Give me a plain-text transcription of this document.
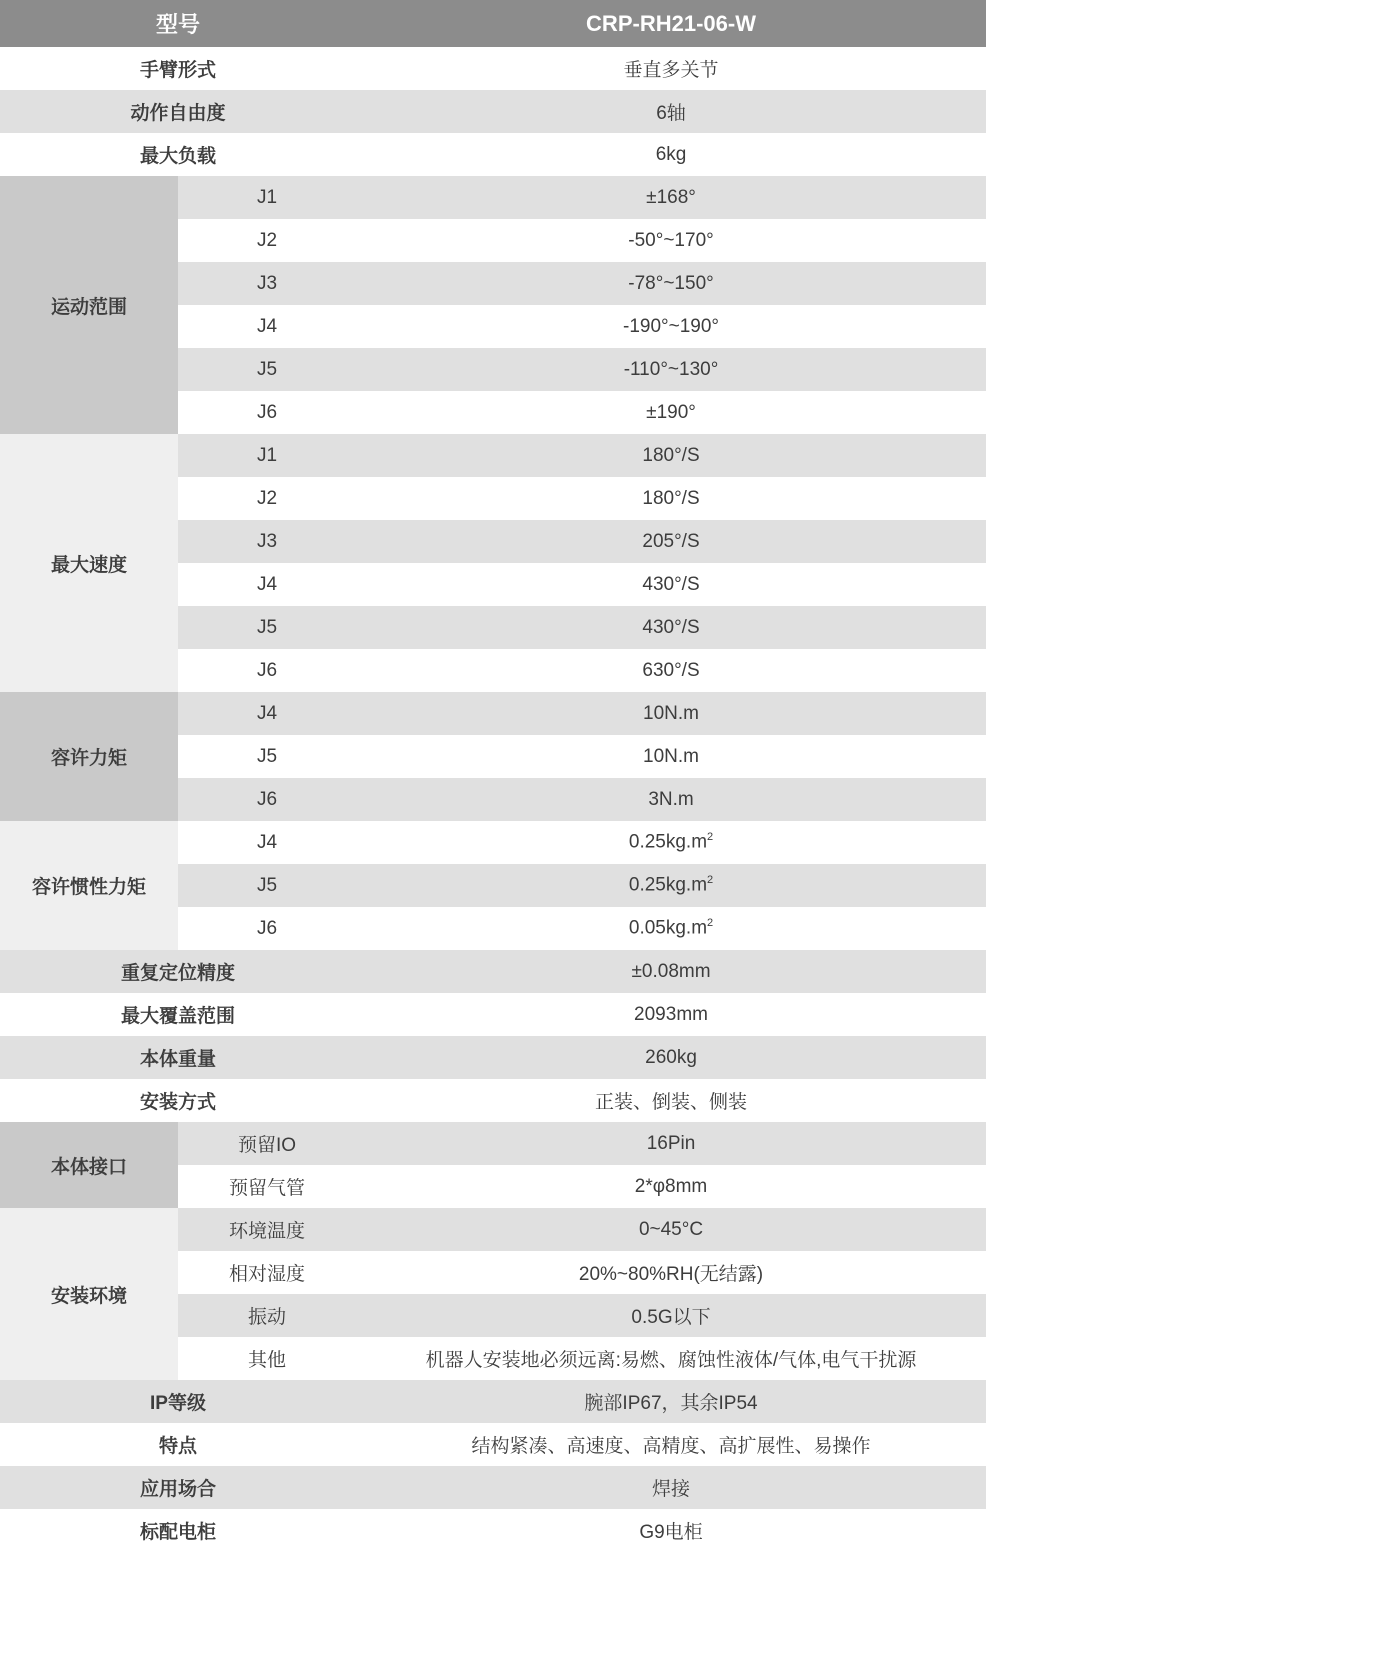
型号		CRP-RH21-06-W	
手臂形式		垂直多关节	
动作自由度		6轴	
最大负载		6kg	
运动范围	J1	±168°	
	J2	-50°~170°	
	J3	-78°~150°	
	J4	-190°~190°	
	J5	-110°~130°	
	J6	±190°	
最大速度	J1	180°/S	
	J2	180°/S	
	J3	205°/S	
	J4	430°/S	
	J5	430°/S	
	J6	630°/S	
容许力矩	J4	10N.m	
	J5	10N.m	
	J6	3N.m	
容许惯性力矩	J4	$0.25kg.m^2$	
	J5	$0.25kg.m^2$	
	J6	$0.05kg.m^2$	
重复定位精度		±0.08mm	
最大覆盖范围		2093mm	
本体重量		260kg	
安装方式		正装、倒装、侧装	
本体接口	预留IO	16Pin	
	预留气管	2*φ8mm	
安装环境	环境温度	0~45°C	
	相对湿度	20%~80%RH(无结露)	
	振动	0.5G以下	
	其他	机器人安装地必须远离:易燃、腐蚀性液体/气体,电气干扰源	
IP等级		腕部IP67，其余IP54	
特点		结构紧凑、高速度、高精度、高扩展性、易操作	
应用场合		焊接	
标配电柜		G9电柜	
